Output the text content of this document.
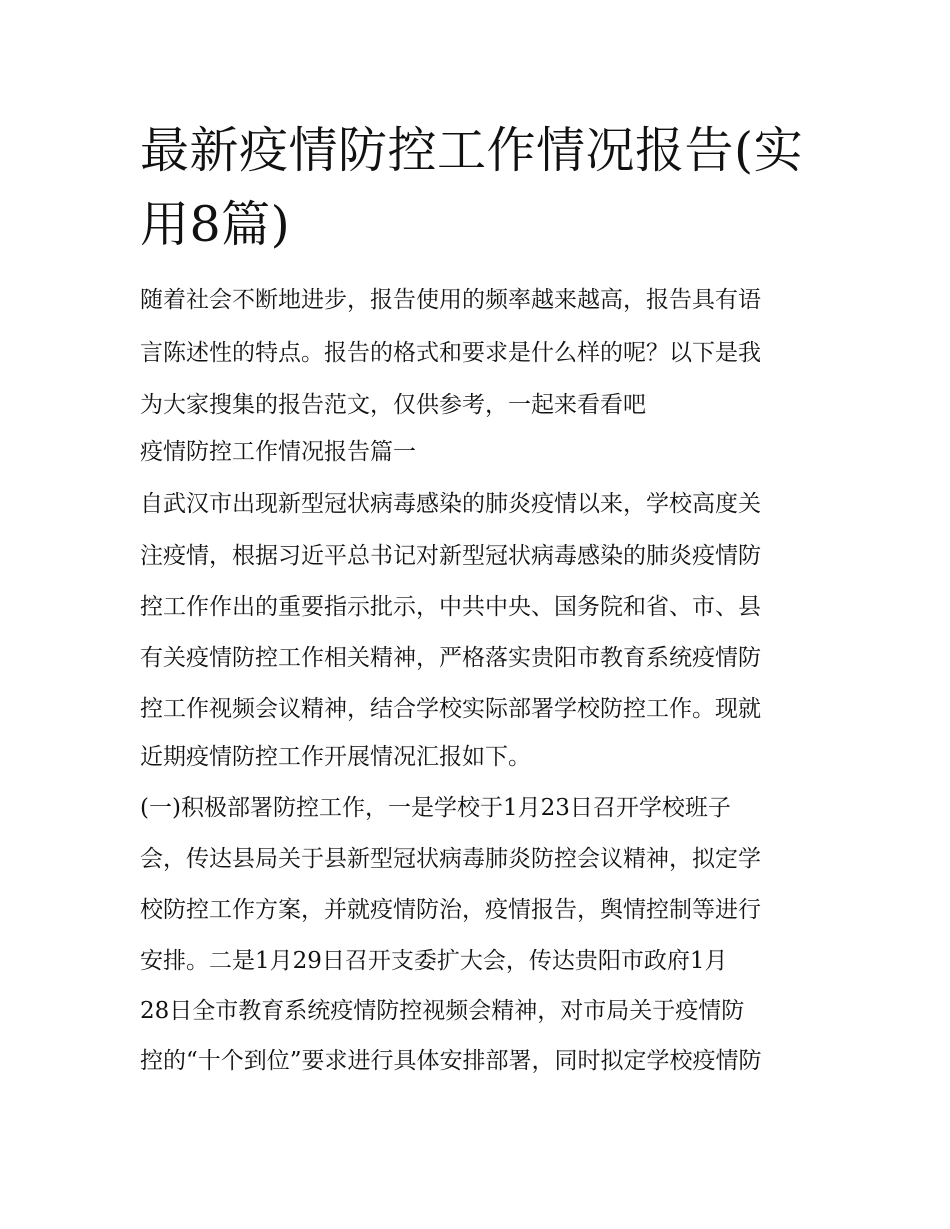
最新疫情防控工作情况报告(实
用8篇)

随着社会不断地进步，报告使用的频率越来越高，报告具有语

言陈述性的特点。报告的格式和要求是什么样的呢？以下是我

为大家搜集的报告范文，仅供参考，一起来看看吧

疫情防控工作情况报告篇一

自武汉市出现新型冠状病毒感染的肺炎疫情以来，学校高度关

注疫情，根据习近平总书记对新型冠状病毒感染的肺炎疫情防

控工作作出的重要指示批示，中共中央、国务院和省、市、县

有关疫情防控工作相关精神，严格落实贵阳市教育系统疫情防

控工作视频会议精神，结合学校实际部署学校防控工作。现就

近期疫情防控工作开展情况汇报如下。

(一)积极部署防控工作，一是学校于1月23日召开学校班子

会，传达县局关于县新型冠状病毒肺炎防控会议精神，拟定学

校防控工作方案，并就疫情防治，疫情报告，舆情控制等进行

安排。二是1月29日召开支委扩大会，传达贵阳市政府1月

28日全市教育系统疫情防控视频会精神，对市局关于疫情防

控的“十个到位”要求进行具体安排部署，同时拟定学校疫情防
